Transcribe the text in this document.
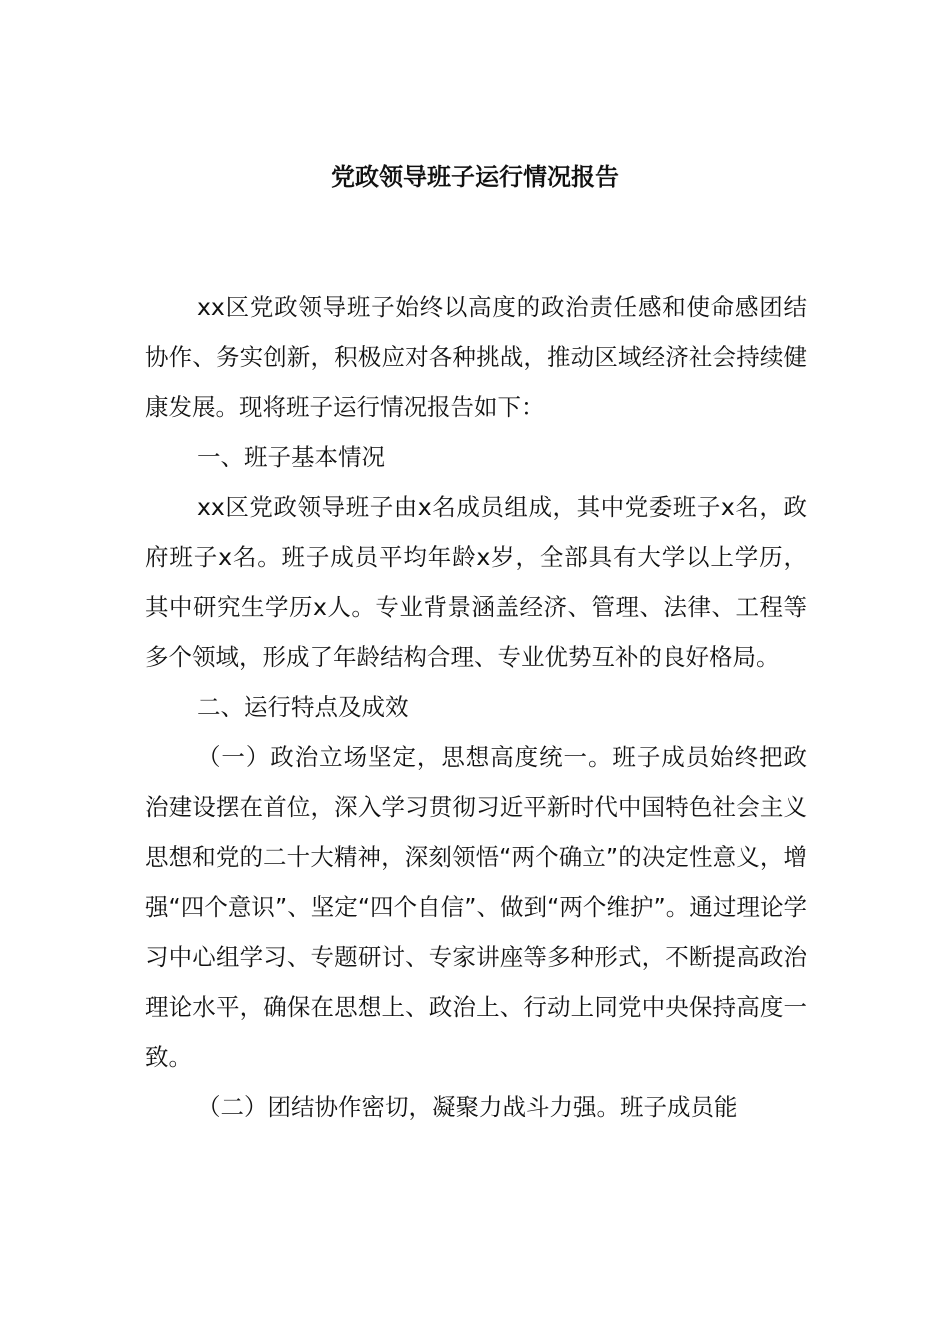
党政领导班子运行情况报告

xx区党政领导班子始终以高度的政治责任感和使命感团结协作、务实创新，积极应对各种挑战，推动区域经济社会持续健康发展。现将班子运行情况报告如下：

一、班子基本情况

xx区党政领导班子由x名成员组成，其中党委班子x名，政府班子x名。班子成员平均年龄x岁，全部具有大学以上学历，其中研究生学历x人。专业背景涵盖经济、管理、法律、工程等多个领域，形成了年龄结构合理、专业优势互补的良好格局。

二、运行特点及成效

（一）政治立场坚定，思想高度统一。班子成员始终把政治建设摆在首位，深入学习贯彻习近平新时代中国特色社会主义思想和党的二十大精神，深刻领悟“两个确立”的决定性意义，增强“四个意识”、坚定“四个自信”、做到“两个维护”。通过理论学习中心组学习、专题研讨、专家讲座等多种形式，不断提高政治理论水平，确保在思想上、政治上、行动上同党中央保持高度一致。

（二）团结协作密切，凝聚力战斗力强。班子成员能
